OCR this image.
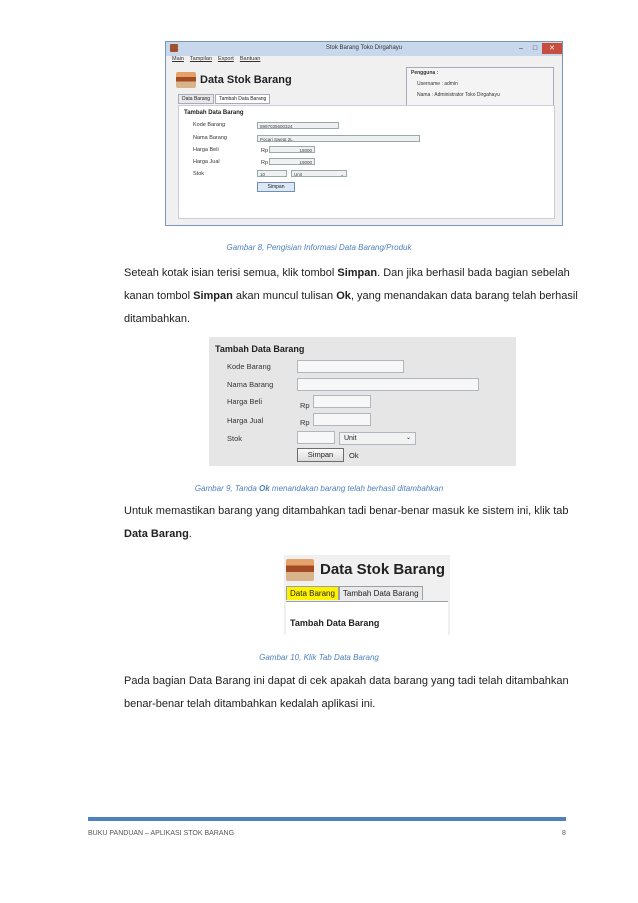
Stok Barang Toko Dirgahayu	–	□	✕
Main Tampilan Export Bantuan
Data Stok Barang
Pengguna :
Username : admin
Nama : Administrator Toko Dirgahayu
Data Barang Tambah Data Barang
Tambah Data Barang
Kode Barang	8997035600324
Nama Barang	Pocari Sweat 2L
Harga Beli	Rp	18000
Harga Jual	Rp	19000
Stok	10	Unit	⌄
Simpan
Gambar 8, Pengisian Informasi Data Barang/Produk
Seteah kotak isian terisi semua, klik tombol Simpan. Dan jika berhasil bada bagian sebelah
kanan tombol Simpan akan muncul tulisan Ok, yang menandakan data barang telah berhasil
ditambahkan.
Tambah Data Barang
Kode Barang
Nama Barang
Harga Beli	Rp
Harga Jual	Rp
Stok	Unit	⌄
Simpan	Ok
Gambar 9, Tanda Ok menandakan barang telah berhasil ditambahkan
Untuk memastikan barang yang ditambahkan tadi benar-benar masuk ke sistem ini, klik tab
Data Barang.
Data Stok Barang
Data Barang Tambah Data Barang
Tambah Data Barang
Gambar 10, Klik Tab Data Barang
Pada bagian Data Barang ini dapat di cek apakah data barang yang tadi telah ditambahkan
benar-benar telah ditambahkan kedalah aplikasi ini.
BUKU PANDUAN – APLIKASI STOK BARANG	8
